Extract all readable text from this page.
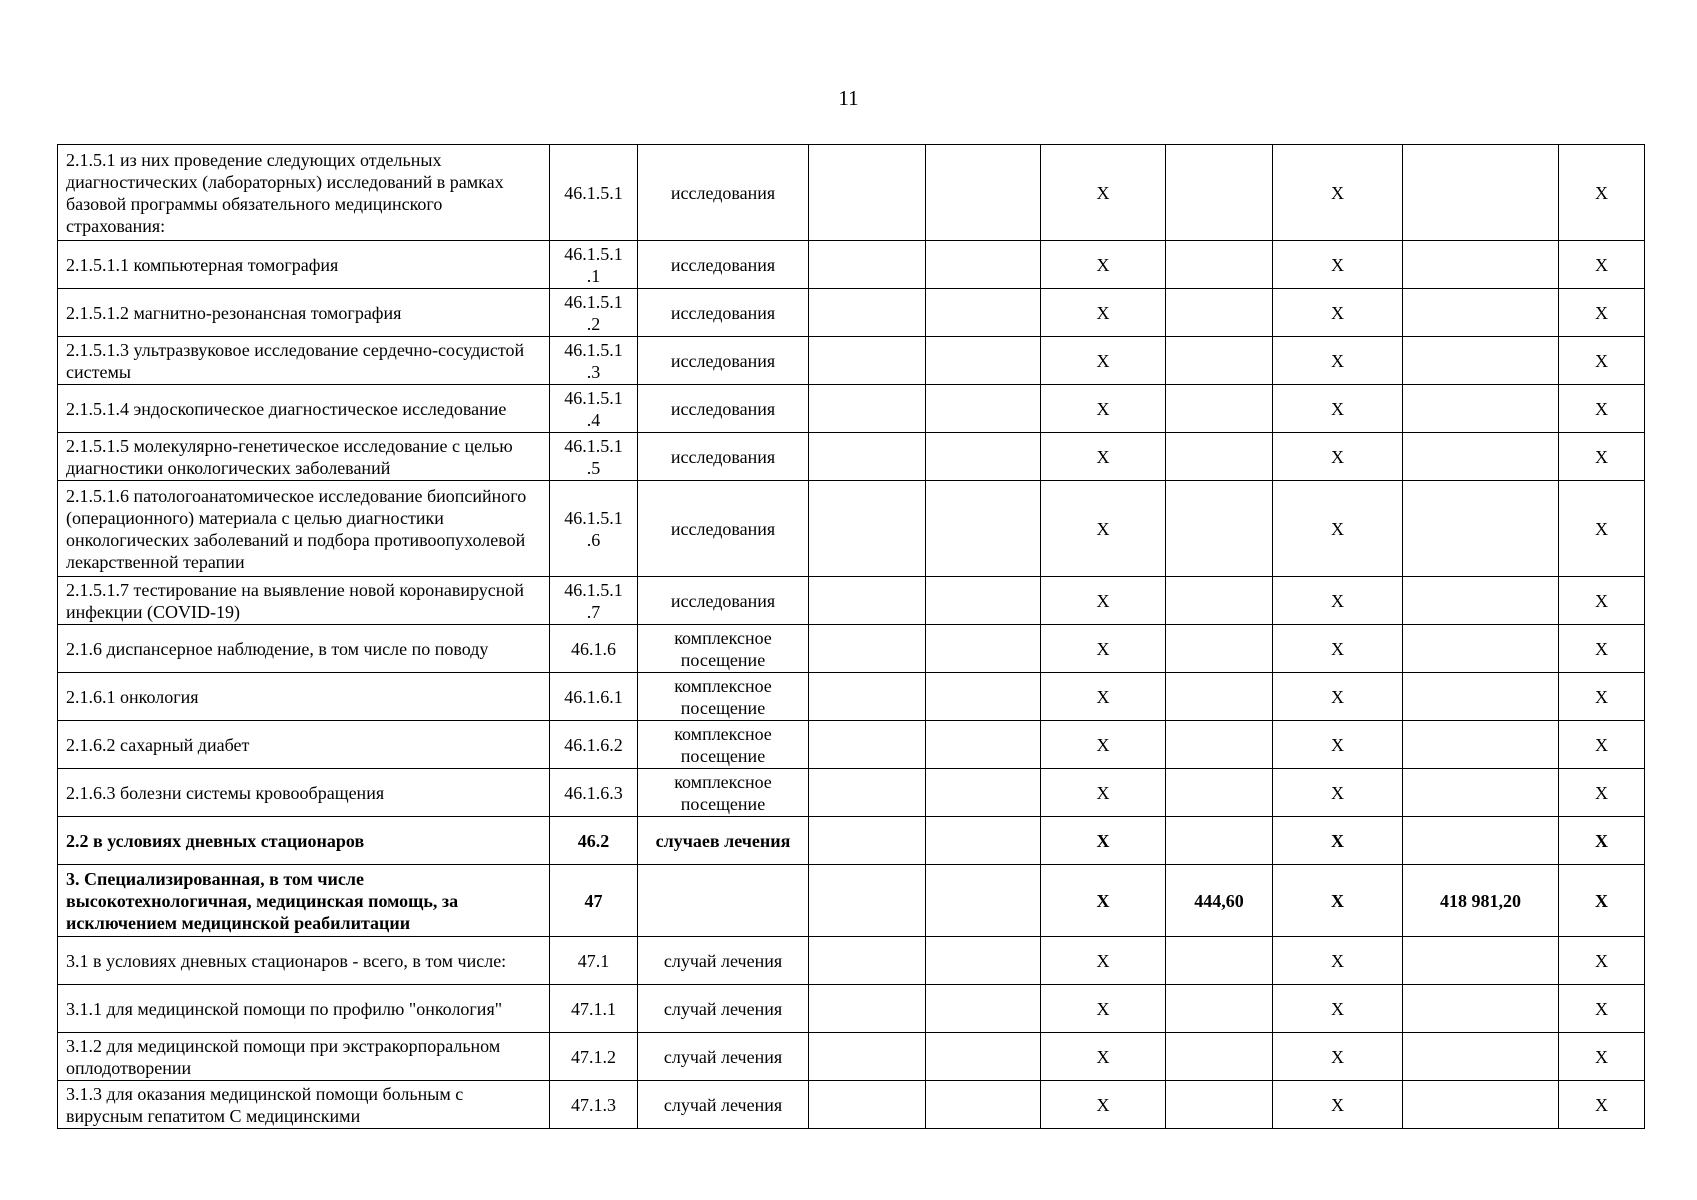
11
2.1.5.1 из них проведение следующих отдельных диагностических (лабораторных) исследований в рамках базовой программы обязательного медицинского страхования:	46.1.5.1	исследования			X		X		X
2.1.5.1.1 компьютерная томография	46.1.5.1 .1	исследования			X		X		X
2.1.5.1.2 магнитно-резонансная томография	46.1.5.1 .2	исследования			X		X		X
2.1.5.1.3 ультразвуковое исследование сердечно-сосудистой системы	46.1.5.1 .3	исследования			X		X		X
2.1.5.1.4 эндоскопическое диагностическое исследование	46.1.5.1 .4	исследования			X		X		X
2.1.5.1.5 молекулярно-генетическое исследование с целью диагностики онкологических заболеваний	46.1.5.1 .5	исследования			X		X		X
2.1.5.1.6 патологоанатомическое исследование биопсийного (операционного) материала с целью диагностики онкологических заболеваний и подбора противоопухолевой лекарственной терапии	46.1.5.1 .6	исследования			X		X		X
2.1.5.1.7 тестирование на выявление новой коронавирусной инфекции (COVID-19)	46.1.5.1 .7	исследования			X		X		X
2.1.6 диспансерное наблюдение, в том числе по поводу	46.1.6	комплексное посещение			X		X		X
2.1.6.1 онкология	46.1.6.1	комплексное посещение			X		X		X
2.1.6.2 сахарный диабет	46.1.6.2	комплексное посещение			X		X		X
2.1.6.3 болезни системы кровообращения	46.1.6.3	комплексное посещение			X		X		X
2.2 в условиях дневных стационаров	46.2	случаев лечения			X		X		X
3. Специализированная, в том числе высокотехнологичная, медицинская помощь, за исключением медицинской реабилитации	47				X	444,60	X	418 981,20	X
3.1 в условиях дневных стационаров - всего, в том числе:	47.1	случай лечения			X		X		X
3.1.1 для медицинской помощи по профилю "онкология"	47.1.1	случай лечения			X		X		X
3.1.2 для медицинской помощи при экстракорпоральном оплодотворении	47.1.2	случай лечения			X		X		X
3.1.3 для оказания медицинской помощи больным с вирусным гепатитом С медицинскими	47.1.3	случай лечения			X		X		X
